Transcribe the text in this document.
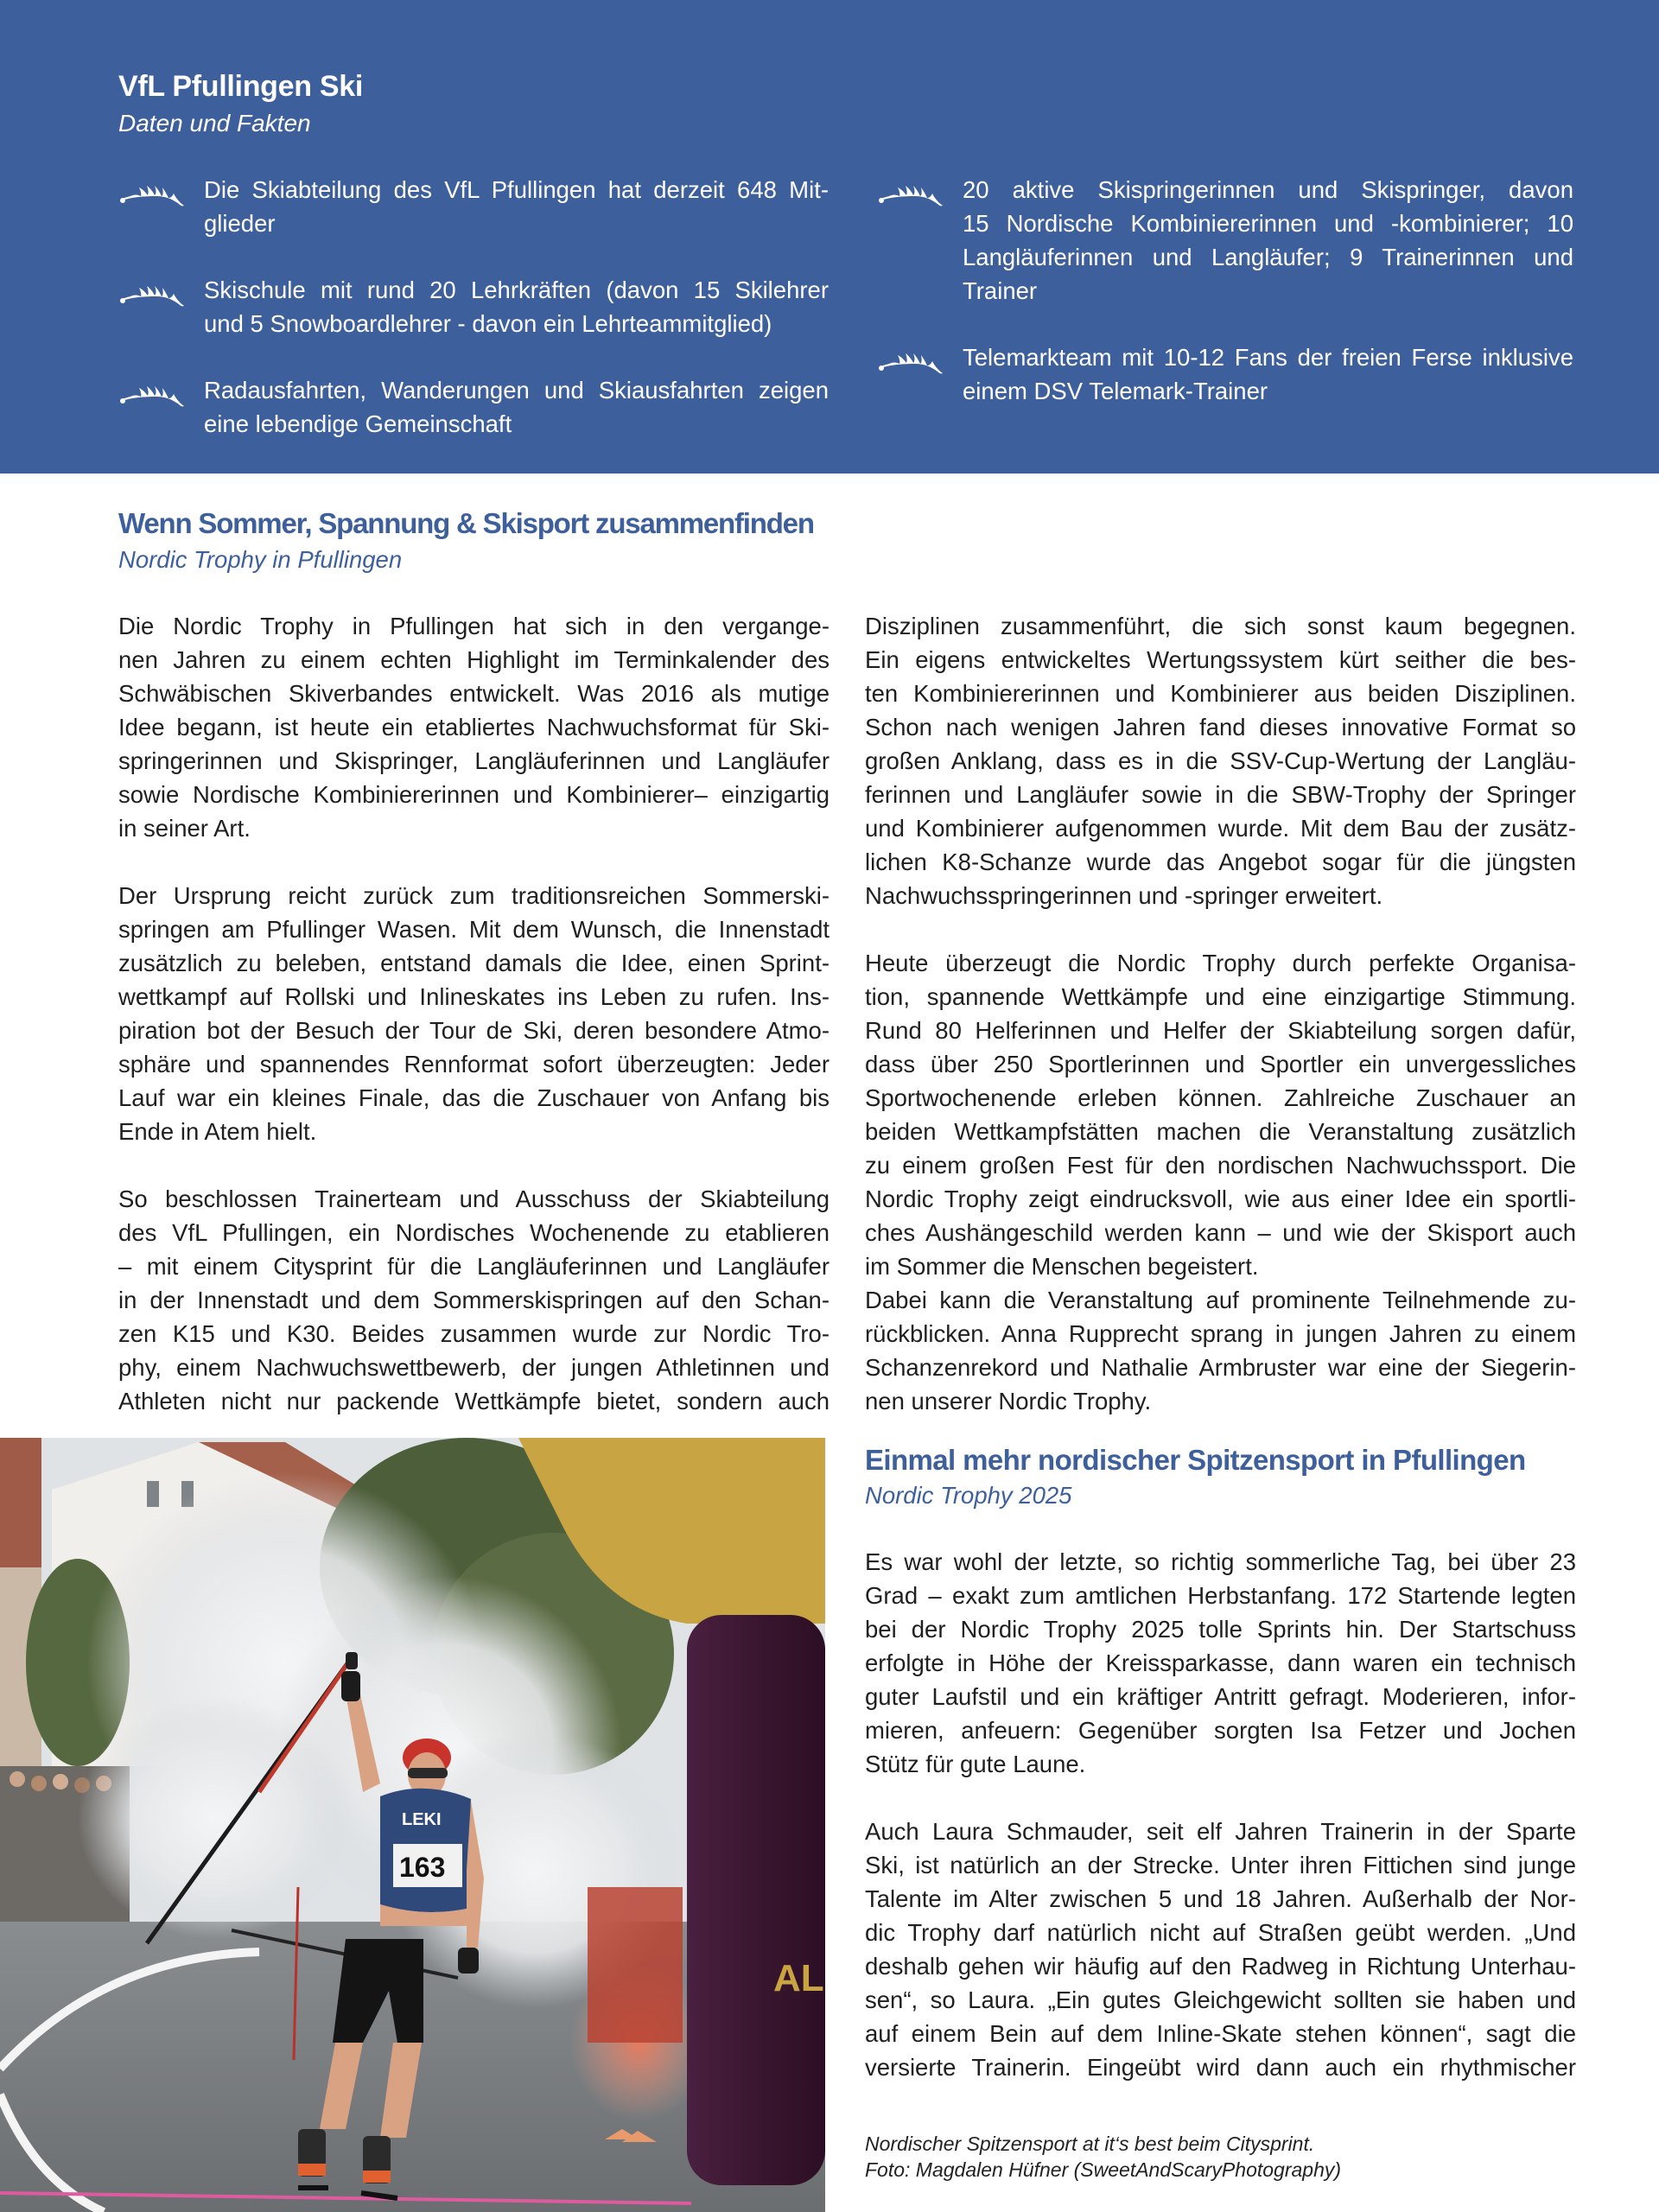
VfL Pfullingen Ski
Daten und Fakten
Die Skiabteilung des VfL Pfullingen hat derzeit 648 Mit-
glieder
Skischule mit rund 20 Lehrkräften (davon 15 Skilehrer
und 5 Snowboardlehrer - davon ein Lehrteammitglied)
Radausfahrten, Wanderungen und Skiausfahrten zeigen
eine lebendige Gemeinschaft
20 aktive Skispringerinnen und Skispringer, davon
15 Nordische Kombiniererinnen und -kombinierer; 10
Langläuferinnen und Langläufer; 9 Trainerinnen und
Trainer
Telemarkteam mit 10-12 Fans der freien Ferse inklusive
einem DSV Telemark-Trainer
Wenn Sommer, Spannung & Skisport zusammenfinden
Nordic Trophy in Pfullingen

Die Nordic Trophy in Pfullingen hat sich in den vergange-
nen Jahren zu einem echten Highlight im Terminkalender des
Schwäbischen Skiverbandes entwickelt. Was 2016 als mutige
Idee begann, ist heute ein etabliertes Nachwuchsformat für Ski-
springerinnen und Skispringer, Langläuferinnen und Langläufer
sowie Nordische Kombiniererinnen und Kombinierer– einzigartig
in seiner Art.

Der Ursprung reicht zurück zum traditionsreichen Sommerski-
springen am Pfullinger Wasen. Mit dem Wunsch, die Innenstadt
zusätzlich zu beleben, entstand damals die Idee, einen Sprint-
wettkampf auf Rollski und Inlineskates ins Leben zu rufen. Ins-
piration bot der Besuch der Tour de Ski, deren besondere Atmo-
sphäre und spannendes Rennformat sofort überzeugten: Jeder
Lauf war ein kleines Finale, das die Zuschauer von Anfang bis
Ende in Atem hielt.

So beschlossen Trainerteam und Ausschuss der Skiabteilung
des VfL Pfullingen, ein Nordisches Wochenende zu etablieren
– mit einem Citysprint für die Langläuferinnen und Langläufer
in der Innenstadt und dem Sommerskispringen auf den Schan-
zen K15 und K30. Beides zusammen wurde zur Nordic Tro-
phy, einem Nachwuchswettbewerb, der jungen Athletinnen und
Athleten nicht nur packende Wettkämpfe bietet, sondern auch

Disziplinen zusammenführt, die sich sonst kaum begegnen.
Ein eigens entwickeltes Wertungssystem kürt seither die bes-
ten Kombiniererinnen und Kombinierer aus beiden Disziplinen.
Schon nach wenigen Jahren fand dieses innovative Format so
großen Anklang, dass es in die SSV-Cup-Wertung der Langläu-
ferinnen und Langläufer sowie in die SBW-Trophy der Springer
und Kombinierer aufgenommen wurde. Mit dem Bau der zusätz-
lichen K8-Schanze wurde das Angebot sogar für die jüngsten
Nachwuchsspringerinnen und -springer erweitert.

Heute überzeugt die Nordic Trophy durch perfekte Organisa-
tion, spannende Wettkämpfe und eine einzigartige Stimmung.
Rund 80 Helferinnen und Helfer der Skiabteilung sorgen dafür,
dass über 250 Sportlerinnen und Sportler ein unvergessliches
Sportwochenende erleben können. Zahlreiche Zuschauer an
beiden Wettkampfstätten machen die Veranstaltung zusätzlich
zu einem großen Fest für den nordischen Nachwuchssport. Die
Nordic Trophy zeigt eindrucksvoll, wie aus einer Idee ein sportli-
ches Aushängeschild werden kann – und wie der Skisport auch
im Sommer die Menschen begeistert.

Dabei kann die Veranstaltung auf prominente Teilnehmende zu-
rückblicken. Anna Rupprecht sprang in jungen Jahren zu einem
Schanzenrekord und Nathalie Armbruster war eine der Siegerin-
nen unserer Nordic Trophy.

Einmal mehr nordischer Spitzensport in Pfullingen
Nordic Trophy 2025

Es war wohl der letzte, so richtig sommerliche Tag, bei über 23
Grad – exakt zum amtlichen Herbstanfang. 172 Startende legten
bei der Nordic Trophy 2025 tolle Sprints hin. Der Startschuss
erfolgte in Höhe der Kreissparkasse, dann waren ein technisch
guter Laufstil und ein kräftiger Antritt gefragt. Moderieren, infor-
mieren, anfeuern: Gegenüber sorgten Isa Fetzer und Jochen
Stütz für gute Laune.

Auch Laura Schmauder, seit elf Jahren Trainerin in der Sparte
Ski, ist natürlich an der Strecke. Unter ihren Fittichen sind junge
Talente im Alter zwischen 5 und 18 Jahren. Außerhalb der Nor-
dic Trophy darf natürlich nicht auf Straßen geübt werden. „Und
deshalb gehen wir häufig auf den Radweg in Richtung Unterhau-
sen“, so Laura. „Ein gutes Gleichgewicht sollten sie haben und
auf einem Bein auf dem Inline-Skate stehen können“, sagt die
versierte Trainerin. Eingeübt wird dann auch ein rhythmischer

AL
LEKI
163
Nordischer Spitzensport at it‘s best beim Citysprint.
Foto: Magdalen Hüfner (SweetAndScaryPhotography)
